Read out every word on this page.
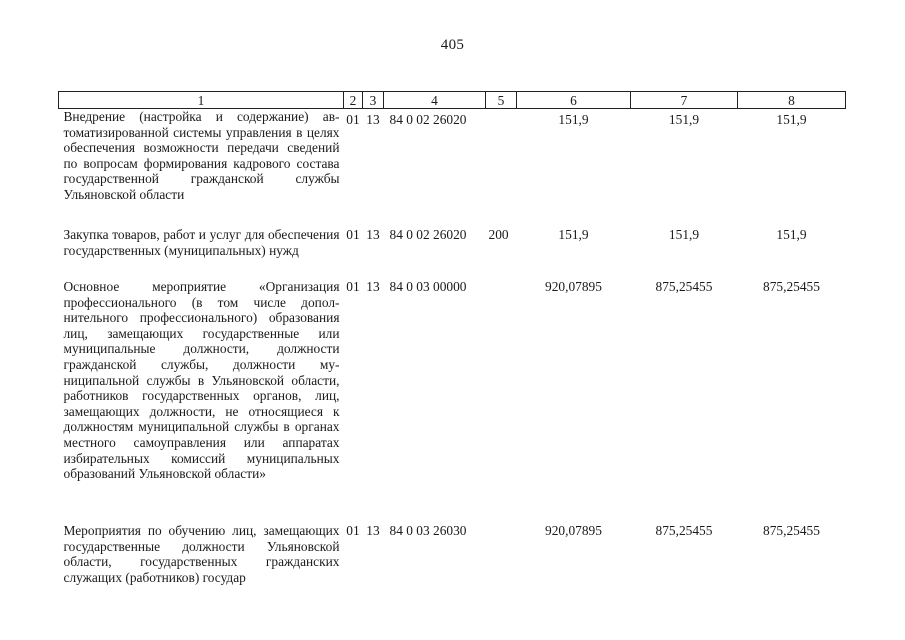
405
1	2	3	4	5	6	7	8
Внедрение (настройка и содержание) автоматизированной системы управления в целях обеспечения возможности передачи сведений по вопросам формирования кадрового состава государственной гражданской службы Ульяновской области	01	13	84 0 02 26020		151,9	151,9	151,9
Закупка товаров, работ и услуг для обеспечения государственных (муниципальных) нужд	01	13	84 0 02 26020	200	151,9	151,9	151,9
Основное мероприятие «Организация профессионального (в том числе дополнительного профессионального) образования лиц, замещающих государственные или муниципальные должности, должности гражданской службы, должности муниципальной службы в Ульяновской области, работников государственных органов, лиц, замещающих должности, не относящиеся к должностям муниципальной службы в органах местного самоуправления или аппаратах избирательных комиссий муниципальных образований Ульяновской области»	01	13	84 0 03 00000		920,07895	875,25455	875,25455
Мероприятия по обучению лиц, замещающих государственные должности Ульяновской области, государственных гражданских служащих (работников) государ	01	13	84 0 03 26030		920,07895	875,25455	875,25455
